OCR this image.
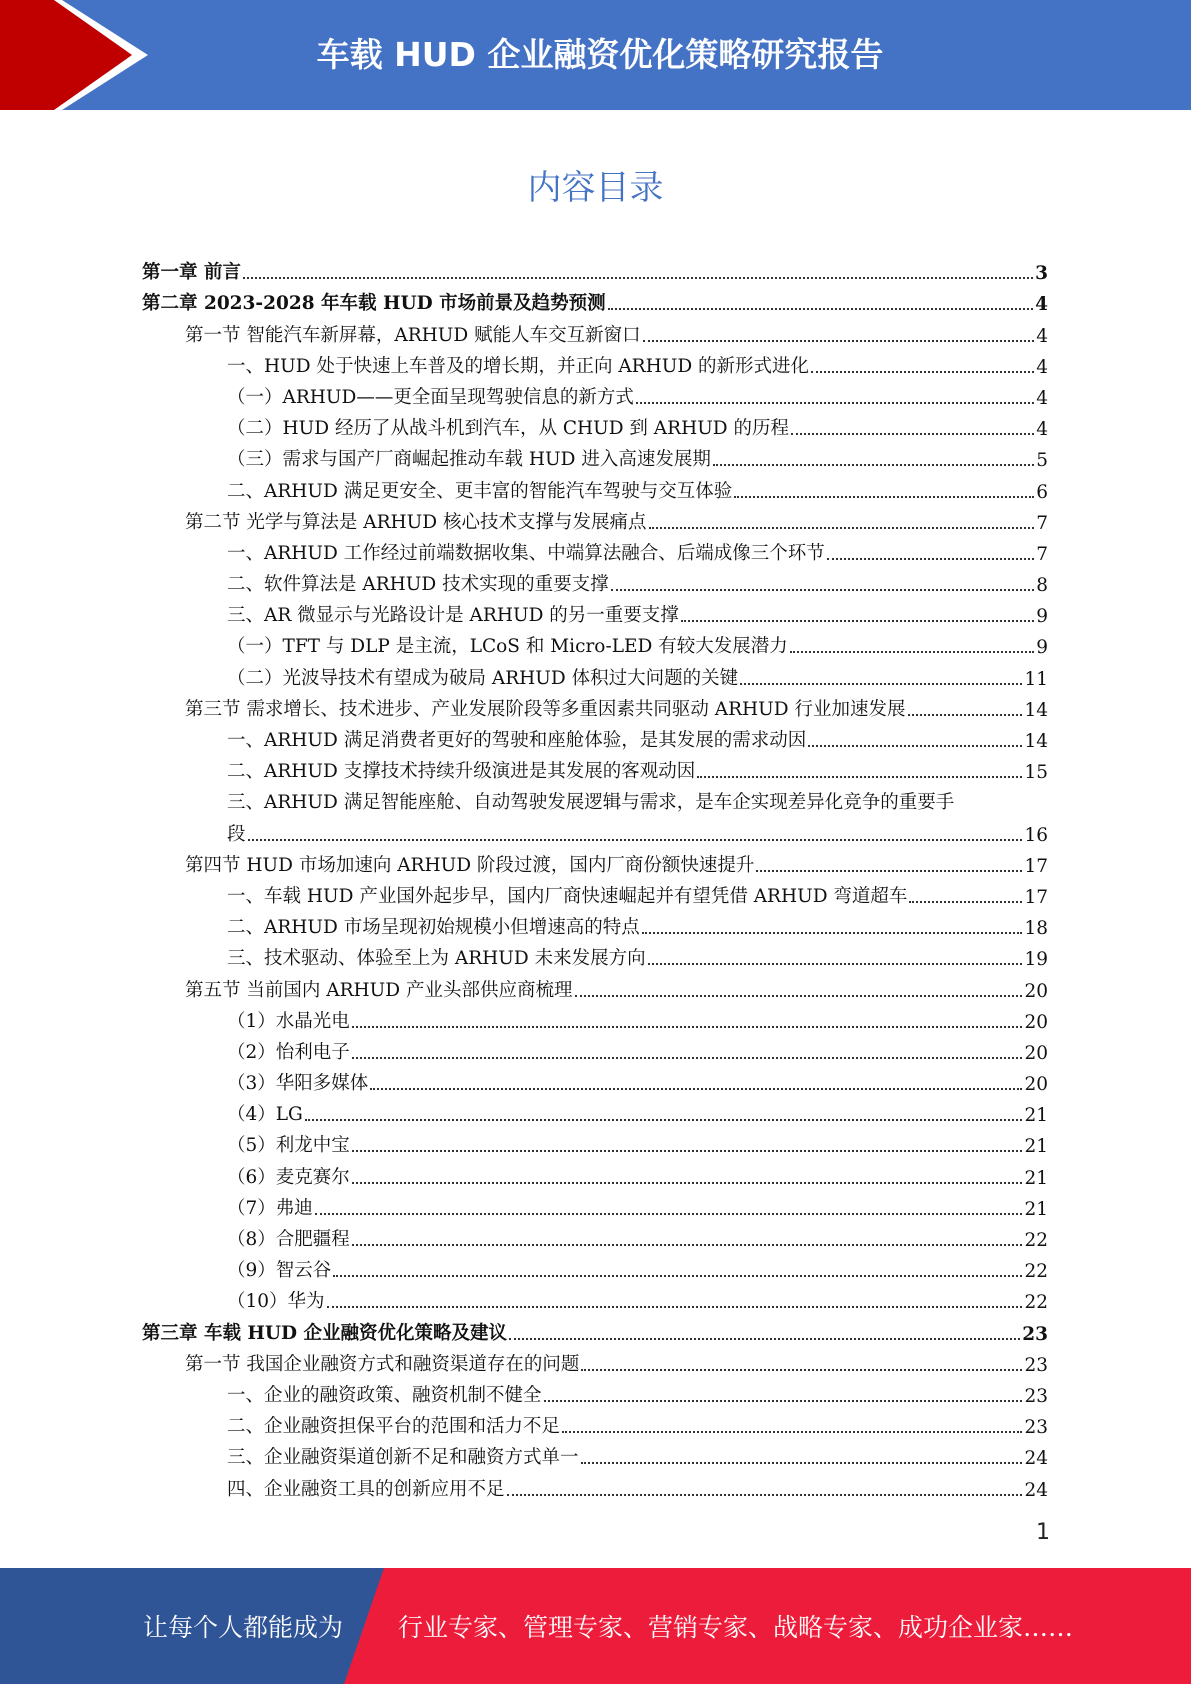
车载 HUD 企业融资优化策略研究报告
内容目录
第一章 前言	3
第二章 2023-2028 年车载 HUD 市场前景及趋势预测	4
第一节 智能汽车新屏幕，ARHUD 赋能人车交互新窗口	4
一、HUD 处于快速上车普及的增长期，并正向 ARHUD 的新形式进化	4
（一）ARHUD——更全面呈现驾驶信息的新方式	4
（二）HUD 经历了从战斗机到汽车，从 CHUD 到 ARHUD 的历程	4
（三）需求与国产厂商崛起推动车载 HUD 进入高速发展期	5
二、ARHUD 满足更安全、更丰富的智能汽车驾驶与交互体验	6
第二节 光学与算法是 ARHUD 核心技术支撑与发展痛点	7
一、ARHUD 工作经过前端数据收集、中端算法融合、后端成像三个环节	7
二、软件算法是 ARHUD 技术实现的重要支撑	8
三、AR 微显示与光路设计是 ARHUD 的另一重要支撑	9
（一）TFT 与 DLP 是主流，LCoS 和 Micro-LED 有较大发展潜力	9
（二）光波导技术有望成为破局 ARHUD 体积过大问题的关键	11
第三节 需求增长、技术进步、产业发展阶段等多重因素共同驱动 ARHUD 行业加速发展	14
一、ARHUD 满足消费者更好的驾驶和座舱体验，是其发展的需求动因	14
二、ARHUD 支撑技术持续升级演进是其发展的客观动因	15
三、ARHUD 满足智能座舱、自动驾驶发展逻辑与需求，是车企实现差异化竞争的重要手
段	16
第四节 HUD 市场加速向 ARHUD 阶段过渡，国内厂商份额快速提升	17
一、车载 HUD 产业国外起步早，国内厂商快速崛起并有望凭借 ARHUD 弯道超车	17
二、ARHUD 市场呈现初始规模小但增速高的特点	18
三、技术驱动、体验至上为 ARHUD 未来发展方向	19
第五节 当前国内 ARHUD 产业头部供应商梳理	20
（1）水晶光电	20
（2）怡利电子	20
（3）华阳多媒体	20
（4）LG	21
（5）利龙中宝	21
（6）麦克赛尔	21
（7）弗迪	21
（8）合肥疆程	22
（9）智云谷	22
（10）华为	22
第三章 车载 HUD 企业融资优化策略及建议	23
第一节 我国企业融资方式和融资渠道存在的问题	23
一、企业的融资政策、融资机制不健全	23
二、企业融资担保平台的范围和活力不足	23
三、企业融资渠道创新不足和融资方式单一	24
四、企业融资工具的创新应用不足	24
1
让每个人都能成为 行业专家、管理专家、营销专家、战略专家、成功企业家……
